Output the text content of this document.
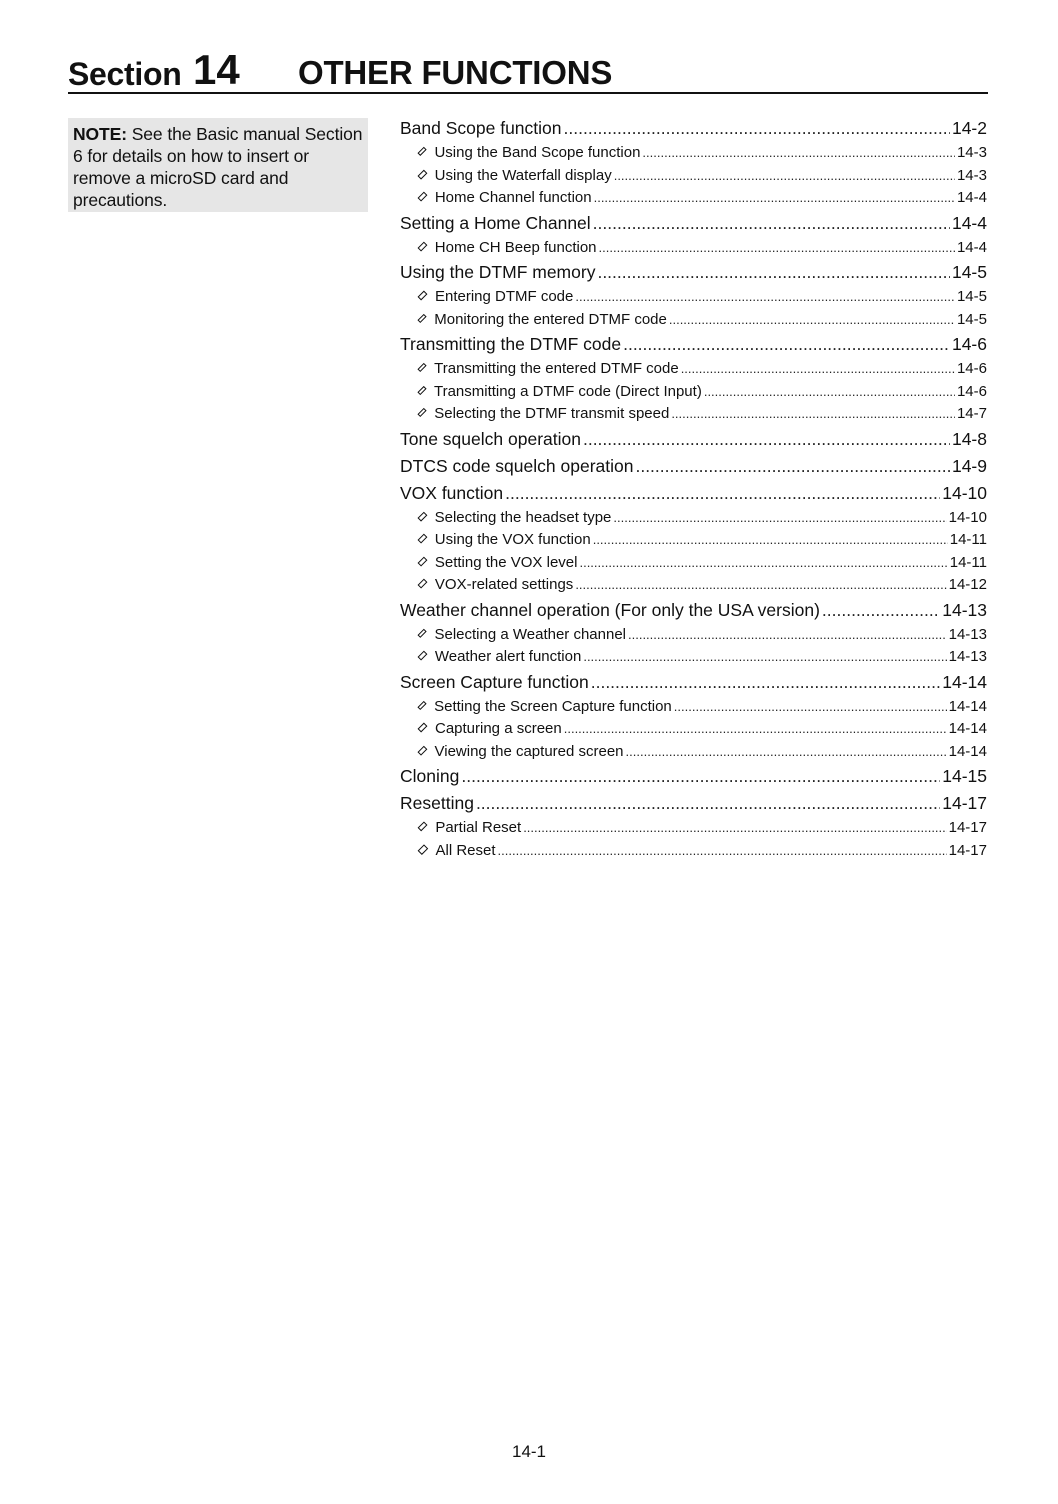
Section 14 OTHER FUNCTIONS
NOTE: See the Basic manual Section 6 for details on how to insert or remove a microSD card and precautions.
Band Scope function .....	14-2
Using the Band Scope function .....	14-3
Using the Waterfall display .....	14-3
Home Channel function .....	14-4
Setting a Home Channel .....	14-4
Home CH Beep function .....	14-4
Using the DTMF memory .....	14-5
Entering DTMF code .....	14-5
Monitoring the entered DTMF code .....	14-5
Transmitting the DTMF code .....	14-6
Transmitting the entered DTMF code .....	14-6
Transmitting a DTMF code (Direct Input) .....	14-6
Selecting the DTMF transmit speed .....	14-7
Tone squelch operation .....	14-8
DTCS code squelch operation .....	14-9
VOX function .....	14-10
Selecting the headset type .....	14-10
Using the VOX function .....	14-11
Setting the VOX level .....	14-11
VOX-related settings .....	14-12
Weather channel operation (For only the USA version) .....	14-13
Selecting a Weather channel .....	14-13
Weather alert function .....	14-13
Screen Capture function .....	14-14
Setting the Screen Capture function .....	14-14
Capturing a screen .....	14-14
Viewing the captured screen .....	14-14
Cloning .....	14-15
Resetting .....	14-17
Partial Reset .....	14-17
All Reset .....	14-17
14-1
